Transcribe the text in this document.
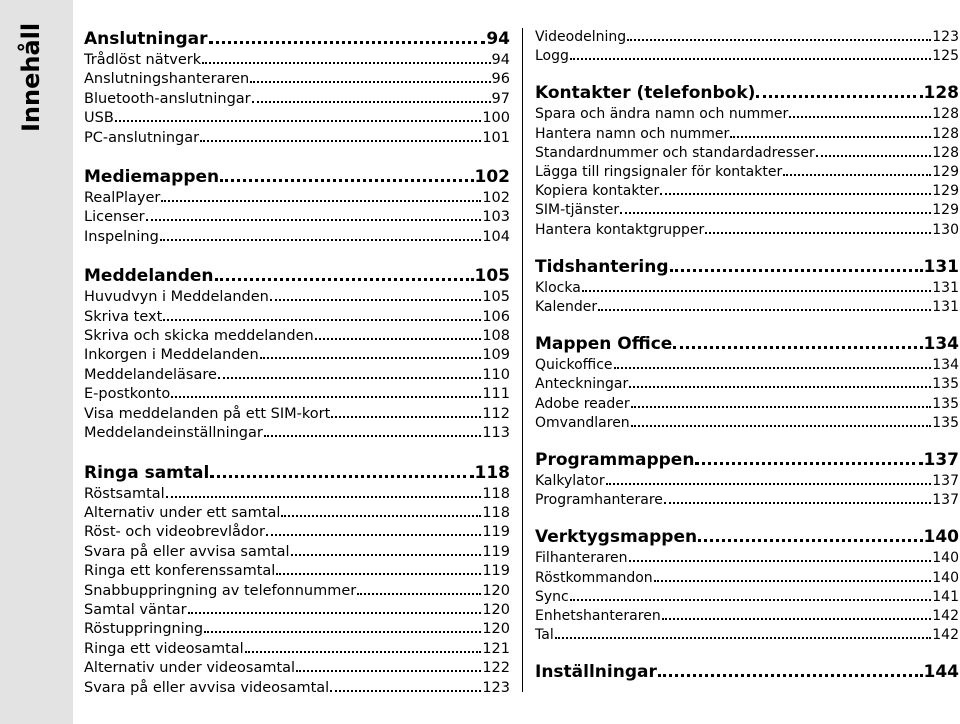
Innehåll Anslutningar	94
Trådlöst nätverk	94
Anslutningshanteraren	96
Bluetooth-anslutningar	97
USB	100
PC-anslutningar	101
Mediemappen	102
RealPlayer	102
Licenser	103
Inspelning	104
Meddelanden	105
Huvudvyn i Meddelanden	105
Skriva text	106
Skriva och skicka meddelanden	108
Inkorgen i Meddelanden	109
Meddelandeläsare	110
E-postkonto	111
Visa meddelanden på ett SIM-kort	112
Meddelandeinställningar	113
Ringa samtal	118
Röstsamtal	118
Alternativ under ett samtal	118
Röst- och videobrevlådor	119
Svara på eller avvisa samtal	119
Ringa ett konferenssamtal	119
Snabbuppringning av telefonnummer	120
Samtal väntar	120
Röstuppringning	120
Ringa ett videosamtal	121
Alternativ under videosamtal	122
Svara på eller avvisa videosamtal	123
Videodelning	123
Logg	125
Kontakter (telefonbok)	128
Spara och ändra namn och nummer	128
Hantera namn och nummer	128
Standardnummer och standardadresser	128
Lägga till ringsignaler för kontakter	129
Kopiera kontakter	129
SIM-tjänster	129
Hantera kontaktgrupper	130
Tidshantering	131
Klocka	131
Kalender	131
Mappen Office	134
Quickoffice	134
Anteckningar	135
Adobe reader	135
Omvandlaren	135
Programmappen	137
Kalkylator	137
Programhanterare	137
Verktygsmappen	140
Filhanteraren	140
Röstkommandon	140
Sync	141
Enhetshanteraren	142
Tal	142
Inställningar	144
